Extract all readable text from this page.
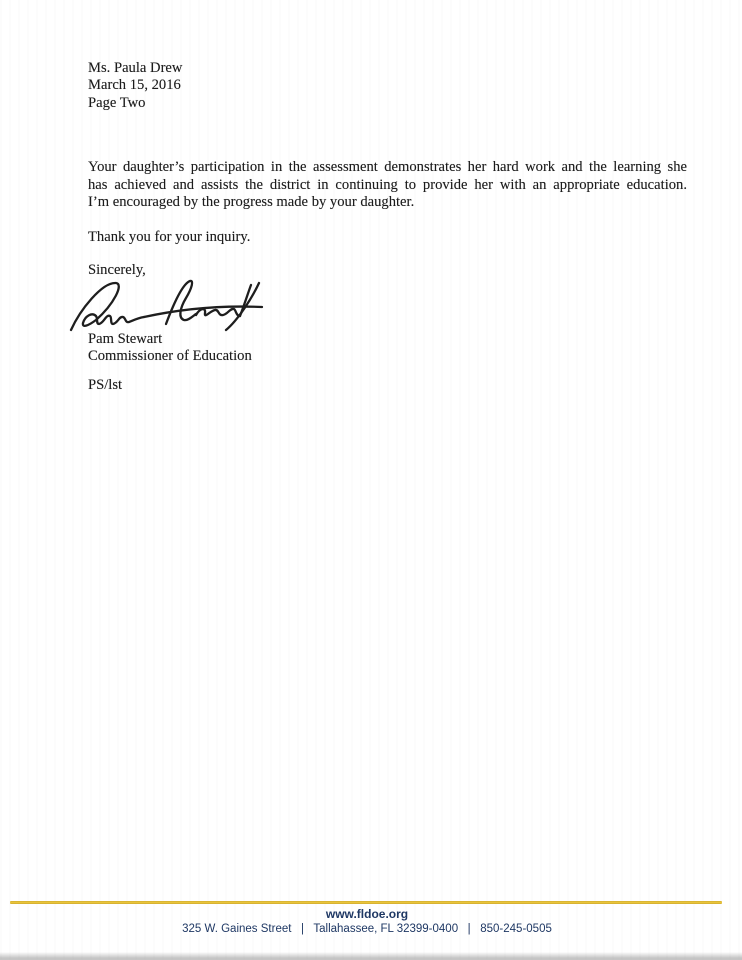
Ms. Paula Drew
March 15, 2016
Page Two
Your daughter’s participation in the assessment demonstrates her hard work and the learning she
has achieved and assists the district in continuing to provide her with an appropriate education.
I’m encouraged by the progress made by your daughter.
Thank you for your inquiry.
Sincerely,
Pam Stewart
Commissioner of Education
PS/lst
www.fldoe.org
325 W. Gaines Street   |   Tallahassee, FL 32399-0400   |   850-245-0505
